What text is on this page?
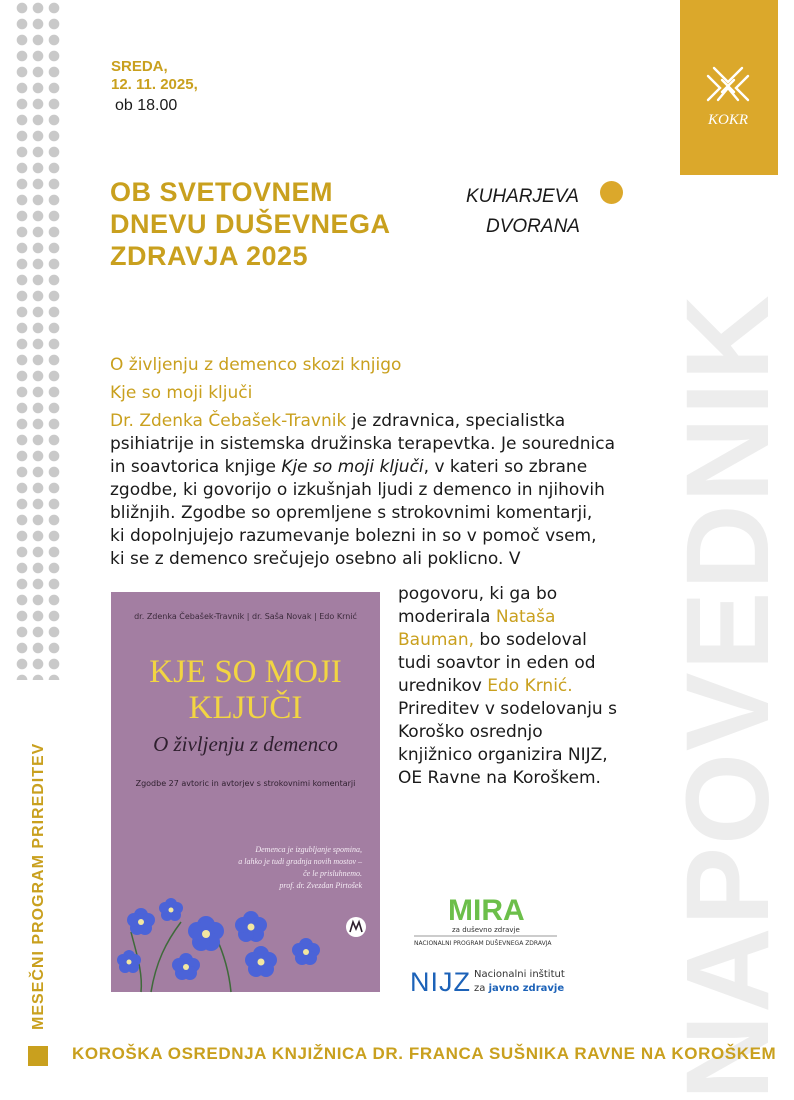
NAPOVEDNIK
KOKR
SREDA,
12. 11. 2025,
ob 18.00
OB SVETOVNEM
DNEVU DUŠEVNEGA
ZDRAVJA 2025
KUHARJEVA
DVORANA
O življenju z demenco skozi knjigo
Kje so moji ključi
Dr. Zdenka Čebašek-Travnik je zdravnica, specialistka
psihiatrije in sistemska družinska terapevtka. Je sourednica
in soavtorica knjige Kje so moji ključi, v kateri so zbrane
zgodbe, ki govorijo o izkušnjah ljudi z demenco in njihovih
bližnjih. Zgodbe so opremljene s strokovnimi komentarji,
ki dopolnjujejo razumevanje bolezni in so v pomoč vsem,
ki se z demenco srečujejo osebno ali poklicno. V
pogovoru, ki ga bo
moderirala Nataša
Bauman, bo sodeloval
tudi soavtor in eden od
urednikov Edo Krnić.
Prireditev v sodelovanju s
Koroško osrednjo
knjižnico organizira NIJZ,
OE Ravne na Koroškem.
dr. Zdenka Čebašek-Travnik | dr. Saša Novak | Edo Krnić
KJE SO MOJI
KLJUČI
O življenju z demenco
Zgodbe 27 avtoric in avtorjev s strokovnimi komentarji
Demenca je izgubljanje spomina,
a lahko je tudi gradnja novih mostov –
če le prisluhnemo.
prof. dr. Zvezdan Pirtošek
MIRA
za duševno zdravje
NACIONALNI PROGRAM DUŠEVNEGA ZDRAVJA
NIJZ Nacionalni inštitut
za javno zdravje
MESEČNI PROGRAM PRIREDITEV
KOROŠKA OSREDNJA KNJIŽNICA DR. FRANCA SUŠNIKA RAVNE NA KOROŠKEM
